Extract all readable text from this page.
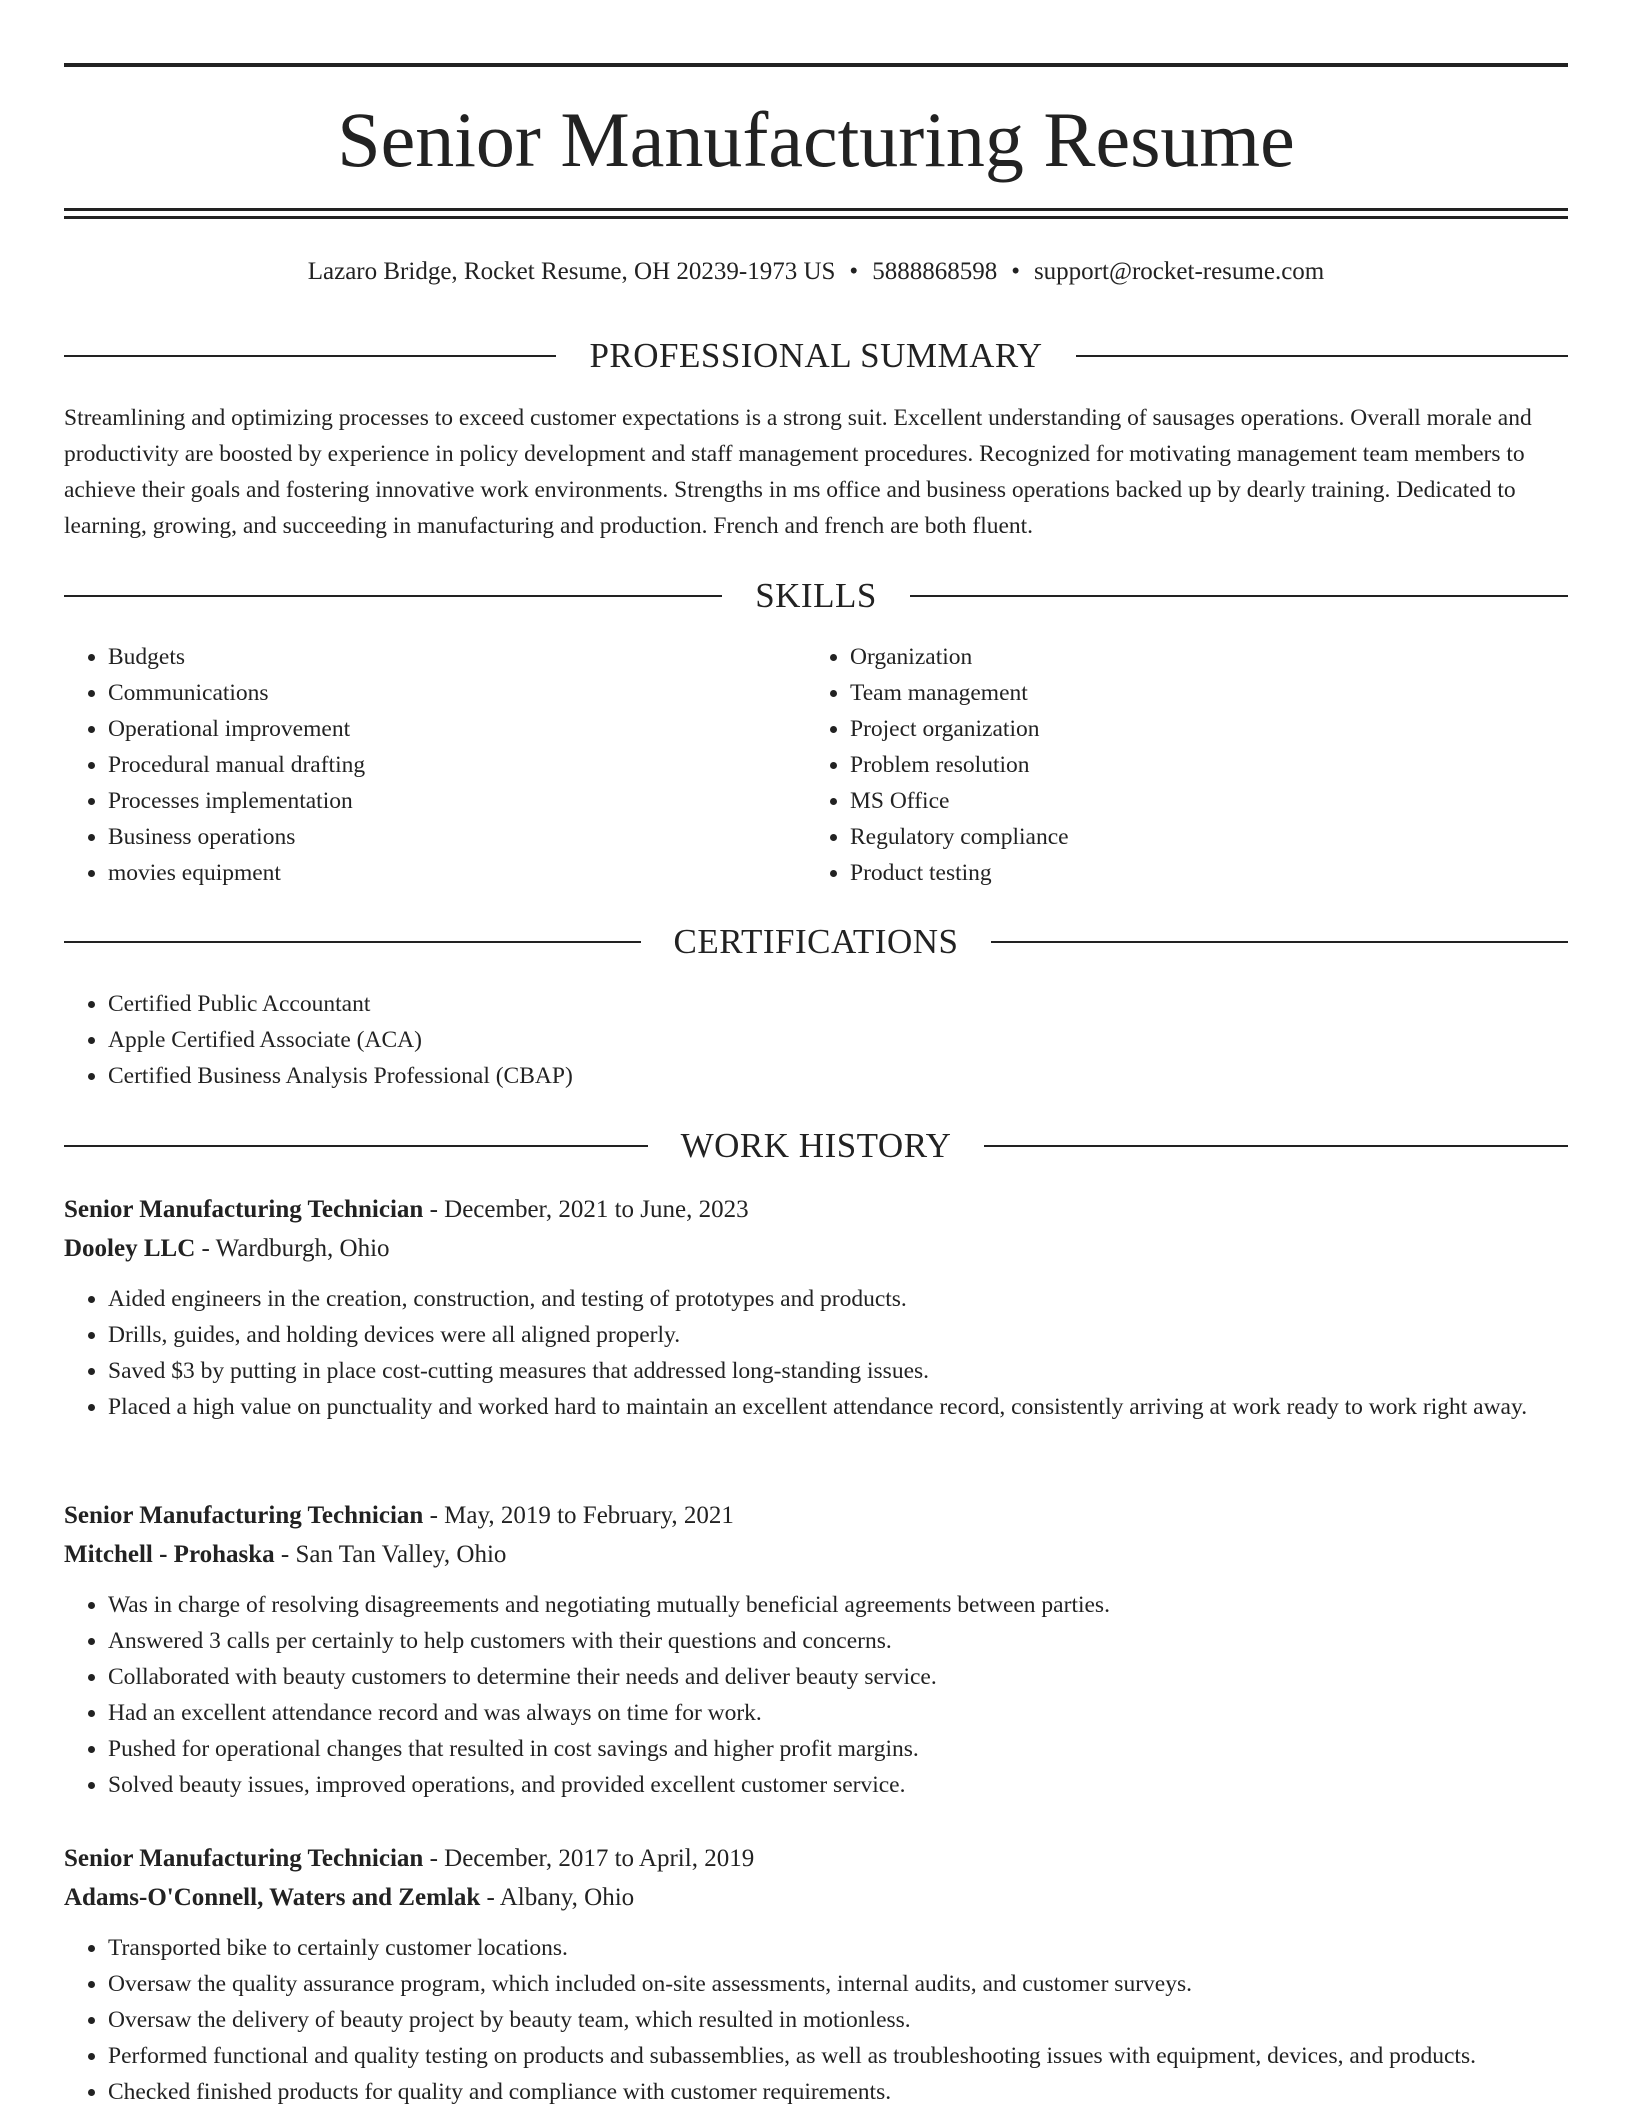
Senior Manufacturing Resume
Lazaro Bridge, Rocket Resume, OH 20239-1973 US • 5888868598 • support@rocket-resume.com
PROFESSIONAL SUMMARY

Streamlining and optimizing processes to exceed customer expectations is a strong suit. Excellent understanding of sausages operations. Overall morale and productivity are boosted by experience in policy development and staff management procedures. Recognized for motivating management team members to achieve their goals and fostering innovative work environments. Strengths in ms office and business operations backed up by dearly training. Dedicated to learning, growing, and succeeding in manufacturing and production. French and french are both fluent.

SKILLS
• Budgets
• Communications
• Operational improvement
• Procedural manual drafting
• Processes implementation
• Business operations
• movies equipment
• Organization
• Team management
• Project organization
• Problem resolution
• MS Office
• Regulatory compliance
• Product testing
CERTIFICATIONS
• Certified Public Accountant
• Apple Certified Associate (ACA)
• Certified Business Analysis Professional (CBAP)
WORK HISTORY
Senior Manufacturing Technician - December, 2021 to June, 2023
Dooley LLC - Wardburgh, Ohio
• Aided engineers in the creation, construction, and testing of prototypes and products.
• Drills, guides, and holding devices were all aligned properly.
• Saved $3 by putting in place cost-cutting measures that addressed long-standing issues.
• Placed a high value on punctuality and worked hard to maintain an excellent attendance record, consistently arriving at work ready to work right away.
Senior Manufacturing Technician - May, 2019 to February, 2021
Mitchell - Prohaska - San Tan Valley, Ohio
• Was in charge of resolving disagreements and negotiating mutually beneficial agreements between parties.
• Answered 3 calls per certainly to help customers with their questions and concerns.
• Collaborated with beauty customers to determine their needs and deliver beauty service.
• Had an excellent attendance record and was always on time for work.
• Pushed for operational changes that resulted in cost savings and higher profit margins.
• Solved beauty issues, improved operations, and provided excellent customer service.
Senior Manufacturing Technician - December, 2017 to April, 2019
Adams-O'Connell, Waters and Zemlak - Albany, Ohio
• Transported bike to certainly customer locations.
• Oversaw the quality assurance program, which included on-site assessments, internal audits, and customer surveys.
• Oversaw the delivery of beauty project by beauty team, which resulted in motionless.
• Performed functional and quality testing on products and subassemblies, as well as troubleshooting issues with equipment, devices, and products.
• Checked finished products for quality and compliance with customer requirements.
